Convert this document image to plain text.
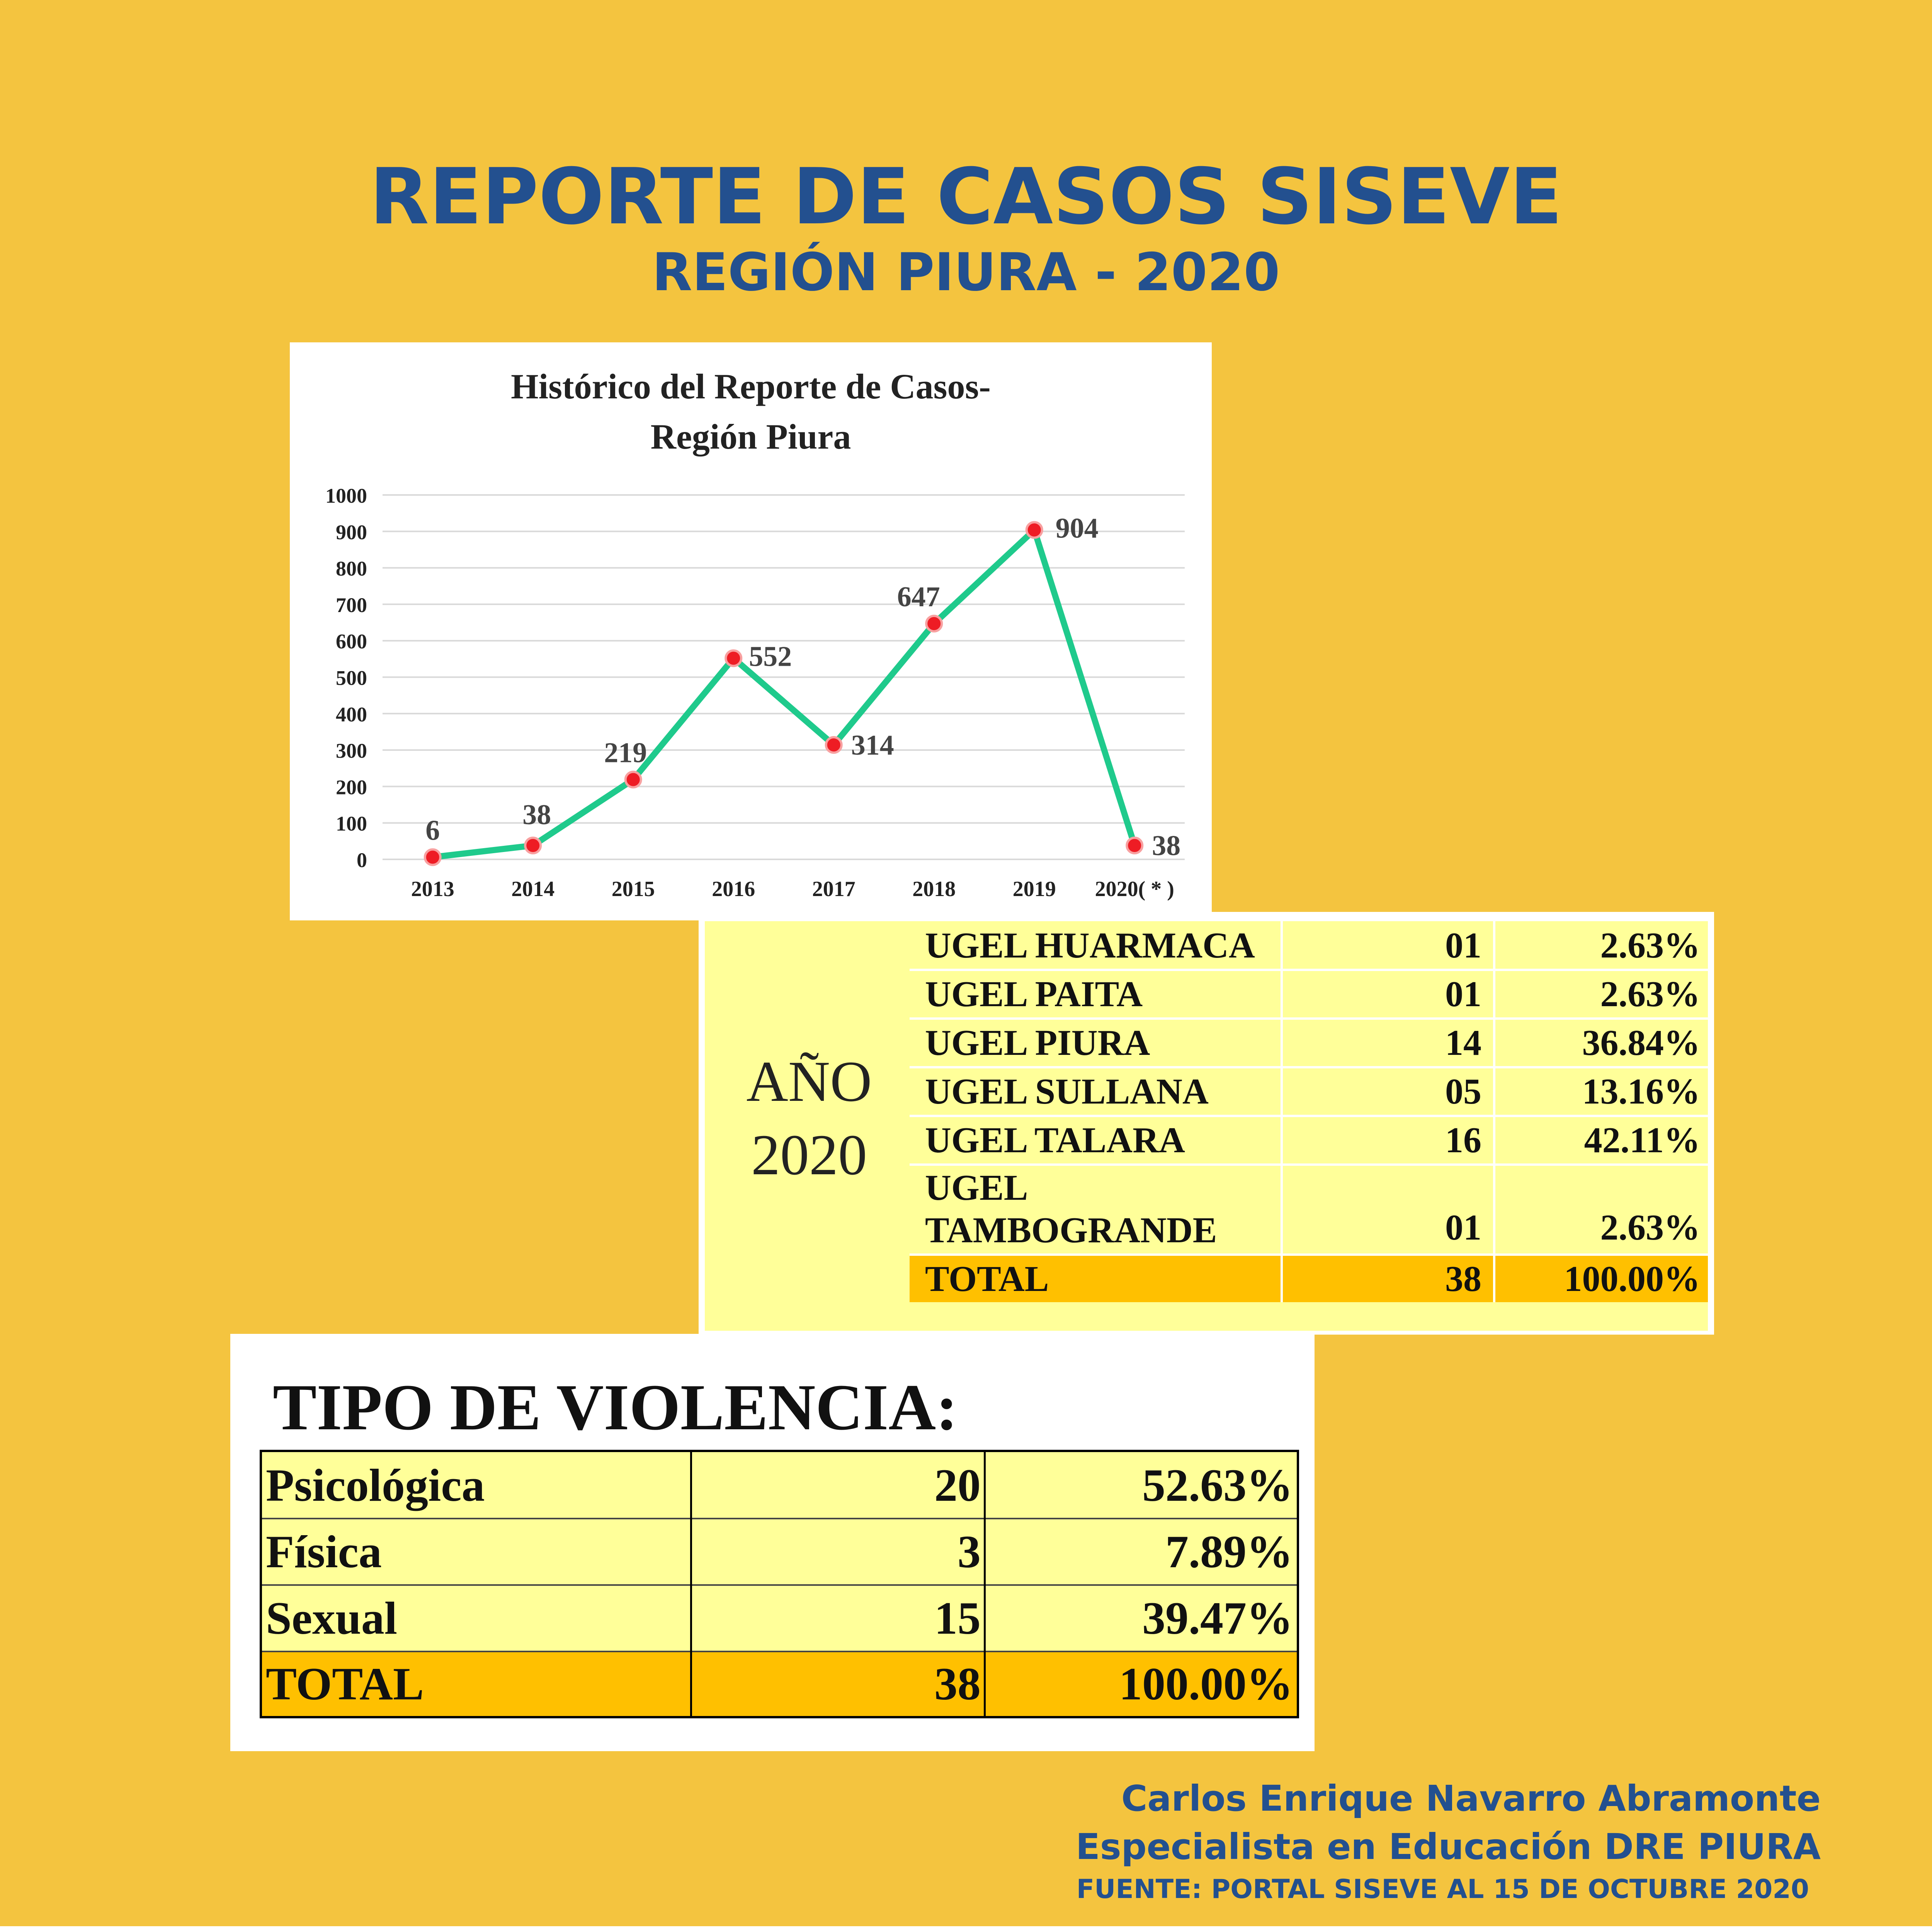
REPORTE DE CASOS SISEVE
REGIÓN PIURA - 2020
Histórico del Reporte de Casos-
Región Piura
0
100
200
300
400
500
600
700
800
900
1000
2013	2014	2015	2016	2017	2018	2019 2020( * )
6	38
219
552
314
647
904
38
AÑO
2020
UGEL HUARMACA	01	2.63%
UGEL PAITA	01	2.63%
UGEL PIURA	14	36.84%
UGEL SULLANA	05	13.16%
UGEL TALARA	16	42.11%
UGEL
TAMBOGRANDE	01	2.63%
TOTAL	38	100.00%
TIPO DE VIOLENCIA:
Psicológica	20	52.63%
Física	3	7.89%
Sexual	15	39.47%
TOTAL	38	100.00%

Carlos Enrique Navarro Abramonte

Especialista en Educación DRE PIURA

FUENTE: PORTAL SISEVE AL 15 DE OCTUBRE 2020
